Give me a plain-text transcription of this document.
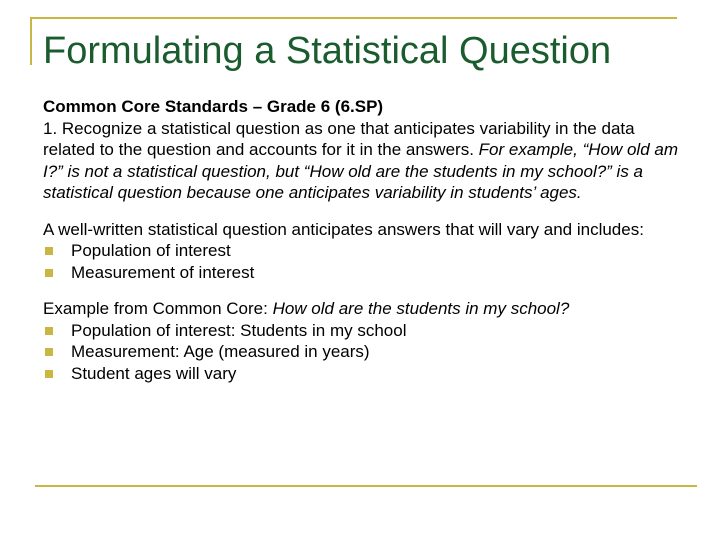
Formulating a Statistical Question

Common Core Standards – Grade 6 (6.SP)

1. Recognize a statistical question as one that anticipates variability in the data related to the question and accounts for it in the answers. For example, “How old am I?” is not a statistical question, but “How old are the students in my school?” is a statistical question because one anticipates variability in students’ ages.

A well-written statistical question anticipates answers that will vary and includes:

Population of interest

Measurement of interest

Example from Common Core: How old are the students in my school?

Population of interest: Students in my school

Measurement: Age (measured in years)

Student ages will vary
